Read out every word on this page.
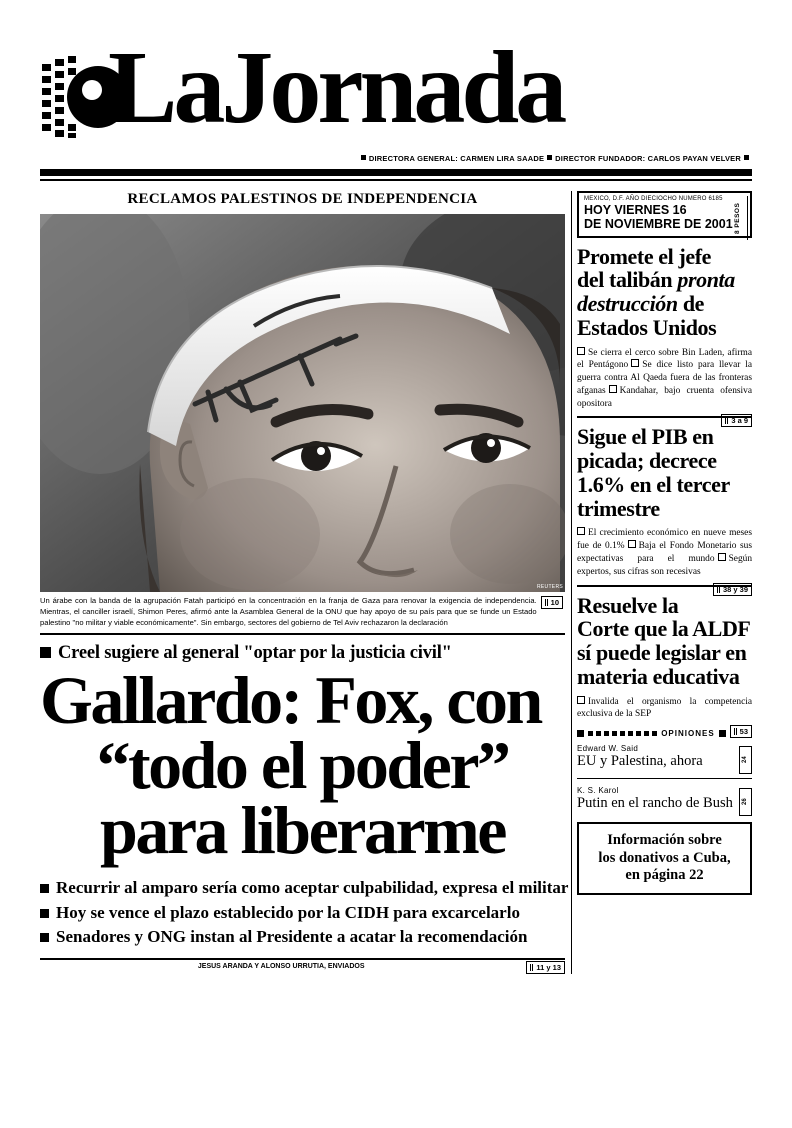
LaJornada
DIRECTORA GENERAL: CARMEN LIRA SAADE DIRECTOR FUNDADOR: CARLOS PAYAN VELVER
RECLAMOS PALESTINOS DE INDEPENDENCIA
REUTERS
10
Un árabe con la banda de la agrupación Fatah participó en la concentración en la franja de Gaza para renovar la exigencia de independencia. Mientras, el canciller israelí, Shimon Peres, afirmó ante la Asamblea General de la ONU que hay apoyo de su país para que se funde un Estado palestino "no militar y viable económicamente". Sin embargo, sectores del gobierno de Tel Aviv rechazaron la declaración
Creel sugiere al general "optar por la justicia civil"
Gallardo: Fox, con
“todo el poder”
para liberarme
Recurrir al amparo sería como aceptar culpabilidad, expresa el militar
Hoy se vence el plazo establecido por la CIDH para excarcelarlo
Senadores y ONG instan al Presidente a acatar la recomendación
11 y 13
JESUS ARANDA Y ALONSO URRUTIA, ENVIADOS
MEXICO, D.F. AÑO DIECIOCHO NUMERO 6185
HOY VIERNES 16
DE NOVIEMBRE DE 2001 8 PESOS
Promete el jefe
del talibán pronta
destrucción de
Estados Unidos
Se cierra el cerco sobre Bin Laden, afirma el Pentágono Se dice listo para llevar la guerra contra Al Qaeda fuera de las fronteras afganas Kandahar, bajo cruenta ofensiva opositora
3 a 9
Sigue el PIB en picada; decrece 1.6% en el tercer trimestre
El crecimiento económico en nueve meses fue de 0.1% Baja el Fondo Monetario sus expectativas para el mundo Según expertos, sus cifras son recesivas
38 y 39
Resuelve la Corte que la ALDF sí puede legislar en materia educativa
Invalida el organismo la competencia exclusiva de la SEP
53
OPINIONES
Edward W. Said
EU y Palestina, ahora	24
K. S. Karol
Putin en el rancho de Bush	26
Información sobre
los donativos a Cuba,
en página 22
